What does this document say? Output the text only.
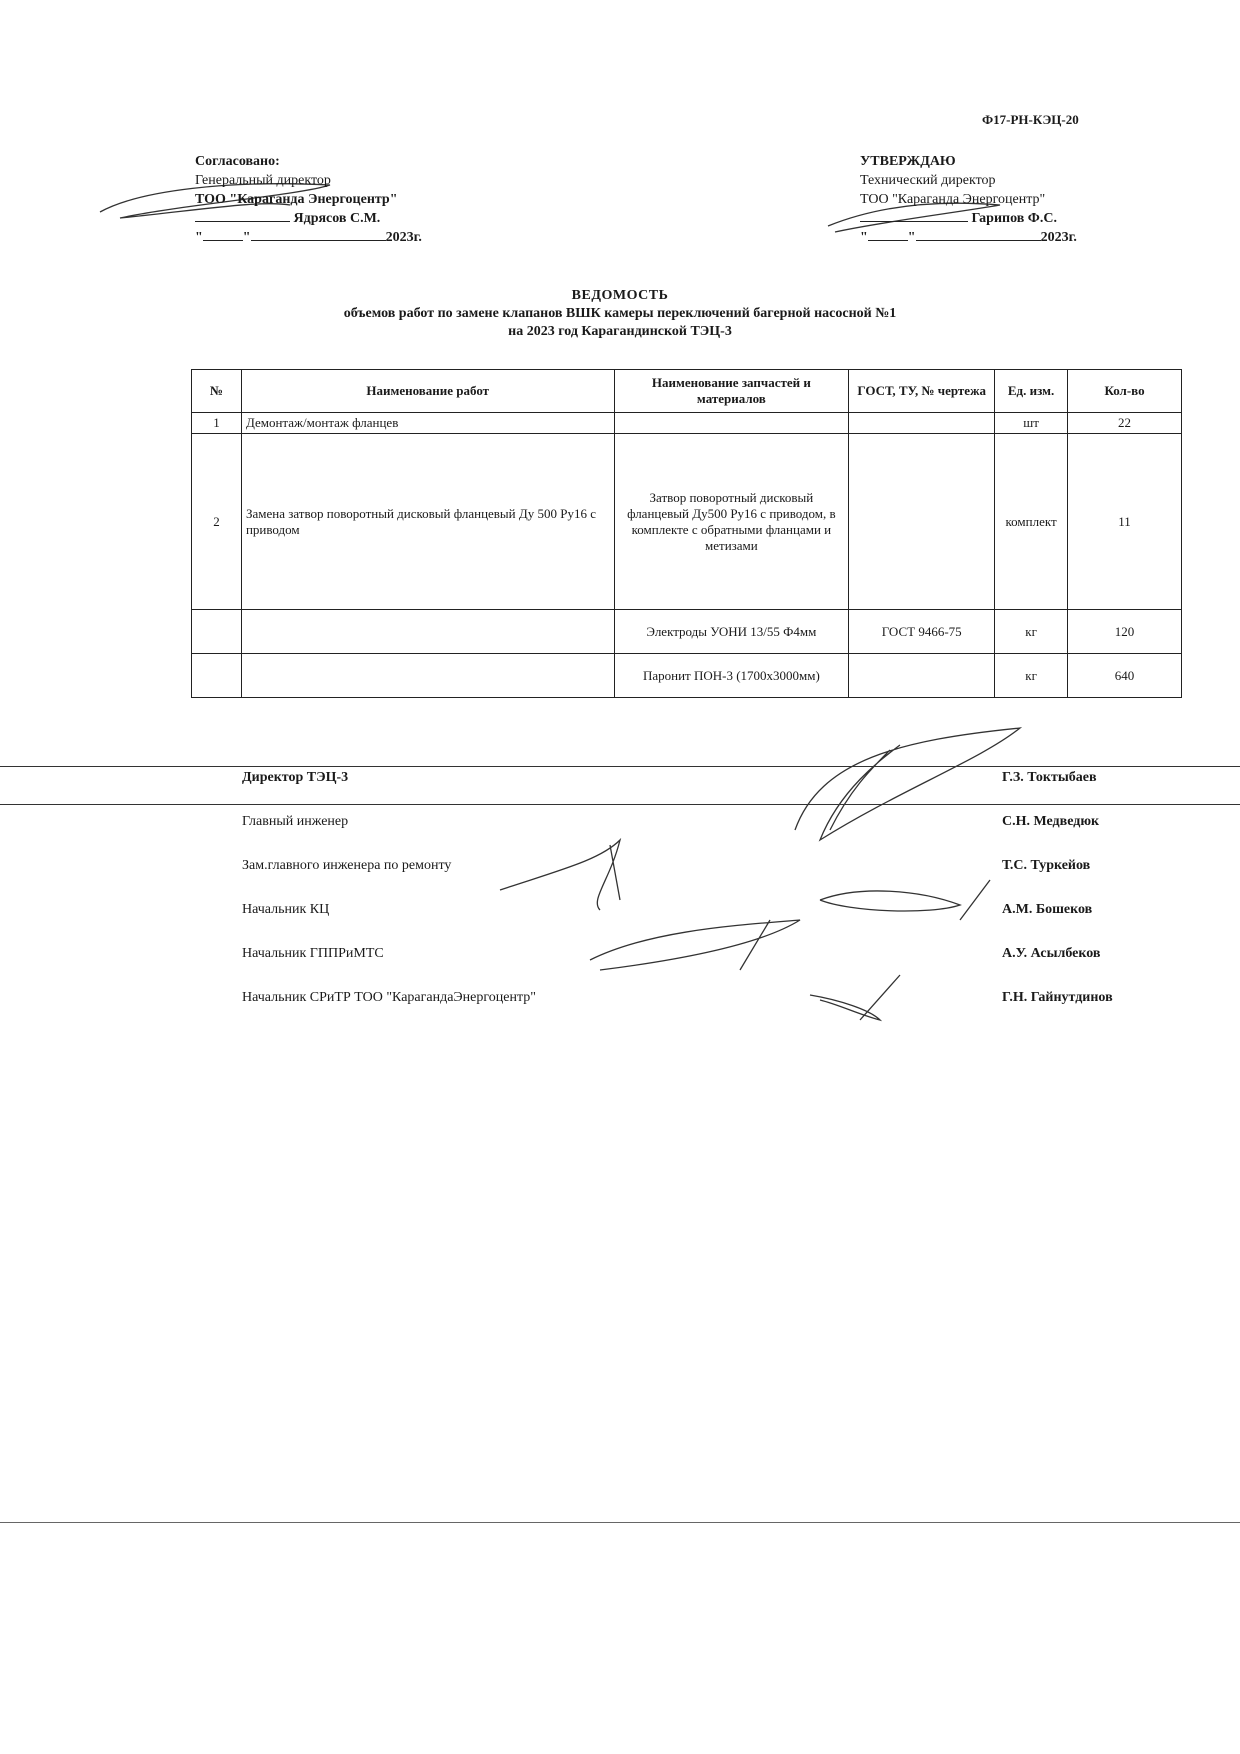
Ф17-РН-КЭЦ-20
Согласовано:
Генеральный директор
ТОО "Караганда Энергоцентр"
Ядрясов С.М.
"	"	2023г.
УТВЕРЖДАЮ
Технический директор
ТОО "Караганда Энергоцентр"
Гарипов Ф.С.
"	"	2023г.
ВЕДОМОСТЬ
объемов работ по замене клапанов ВШК камеры переключений багерной насосной №1
на 2023 год Карагандинской ТЭЦ-3
№	Наименование работ	Наименование запчастей и материалов	ГОСТ, ТУ, № чертежа	Ед. изм.	Кол-во
1	Демонтаж/монтаж фланцев			шт	22
2	Замена затвор поворотный дисковый фланцевый Ду 500 Ру16 с приводом	Затвор поворотный дисковый фланцевый Ду500 Ру16 с приводом, в комплекте с обратными фланцами и метизами		комплект	11
		Электроды УОНИ 13/55 Ф4мм	ГОСТ 9466-75	кг	120
		Паронит ПОН-3 (1700х3000мм)		кг	640
Директор ТЭЦ-3	Г.З. Токтыбаев
Главный инженер	С.Н. Медведюк
Зам.главного инженера по ремонту	Т.С. Туркейов
Начальник КЦ	А.М. Бошеков
Начальник ГППРиМТС	А.У. Асылбеков
Начальник СРиТР ТОО "КарагандаЭнергоцентр"	Г.Н. Гайнутдинов
